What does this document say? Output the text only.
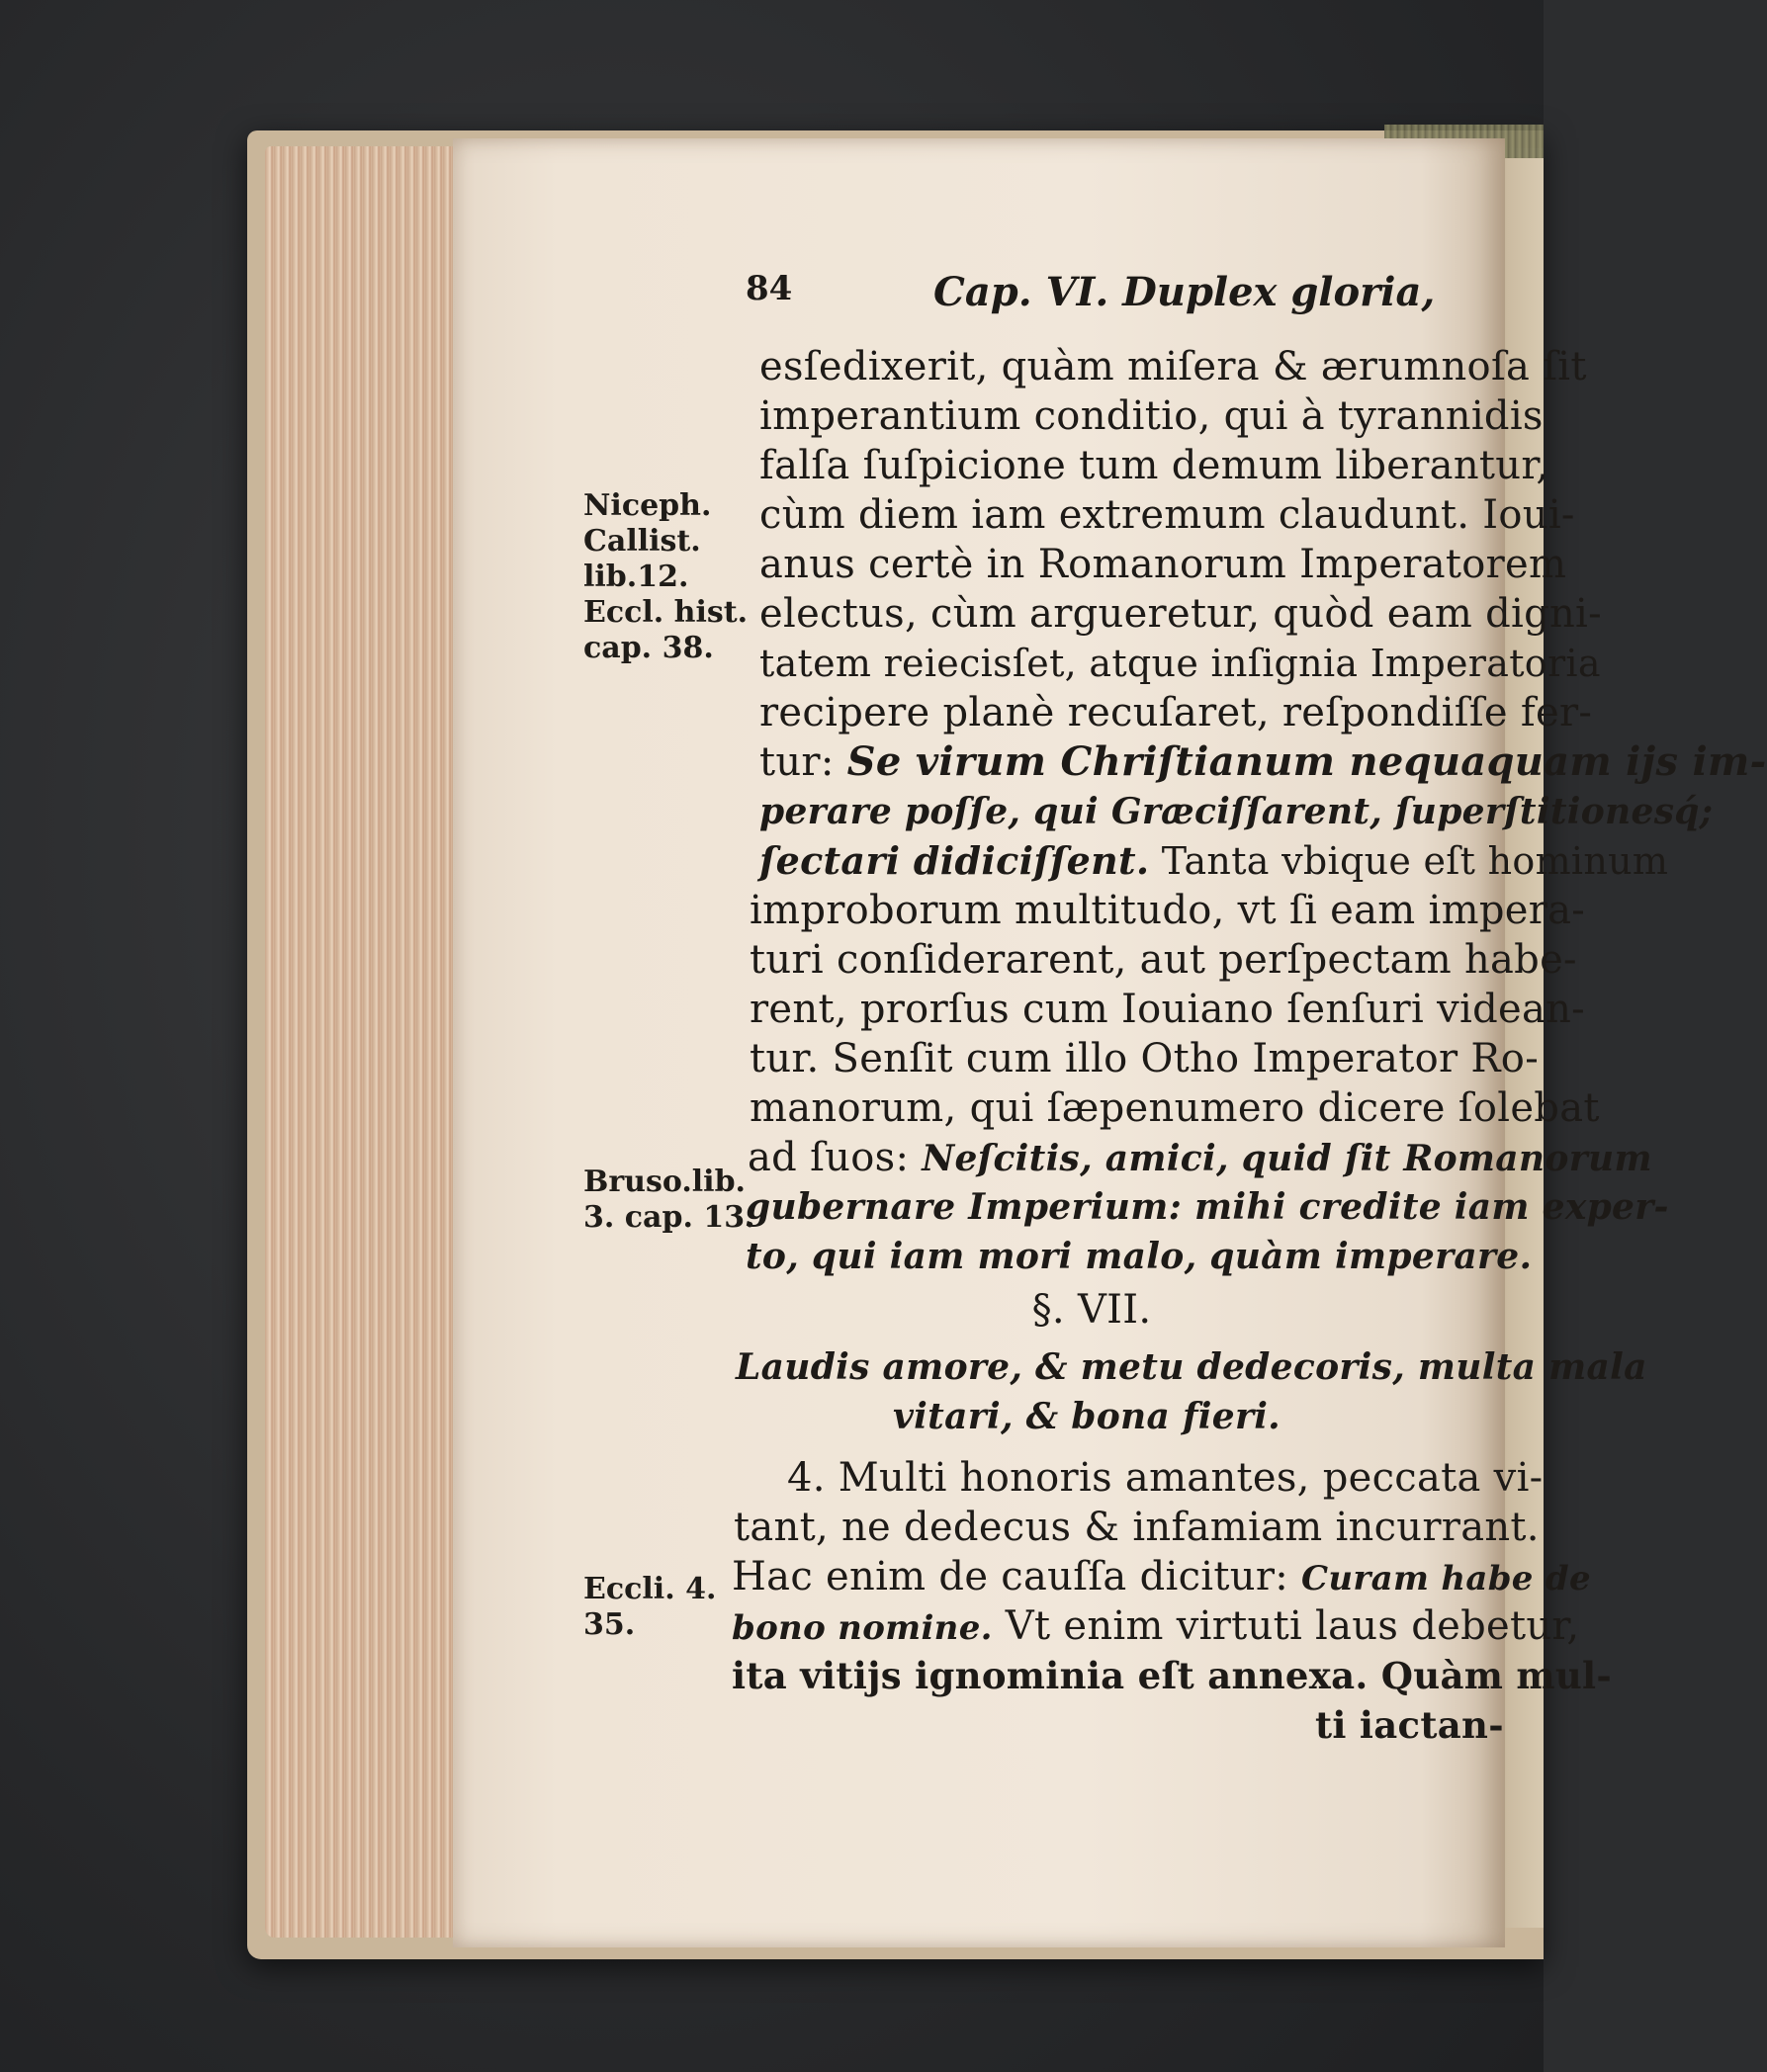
84	Cap. VI. Duplex gloria,
esſedixerit, quàm miſera & ærumnoſa ſit
imperantium conditio, qui à tyrannidis
falſa ſuſpicione tum demum liberantur,
cùm diem iam extremum claudunt. Ioui-
anus certè in Romanorum Imperatorem
electus, cùm argueretur, quòd eam digni-
tatem reiecisſet, atque inſignia Imperatoria
recipere planè recuſaret, reſpondiſſe fer-
tur: Se virum Chriſtianum nequaquam ijs im-
perare poſſe, qui Græciſſarent, ſuperſtitionesq́;
ſectari didiciſſent. Tanta vbique eſt hominum
improborum multitudo, vt ſi eam impera-
turi conſiderarent, aut perſpectam habe-
rent, prorſus cum Iouiano ſenſuri videan-
tur. Senſit cum illo Otho Imperator Ro-
manorum, qui ſæpenumero dicere ſolebat
ad ſuos: Neſcitis, amici, quid ſit Romanorum
gubernare Imperium: mihi credite iam exper-
to, qui iam mori malo, quàm imperare.
§. VII.
Laudis amore, & metu dedecoris, multa mala
vitari, & bona fieri.
4. Multi honoris amantes, peccata vi-
tant, ne dedecus & infamiam incurrant.
Hac enim de cauſſa dicitur: Curam habe de
bono nomine. Vt enim virtuti laus debetur,
ita vitijs ignominia eſt annexa. Quàm mul-
ti iactan-
Niceph.
Callist.
lib.12.
Eccl. hist.
cap. 38.
Bruso.lib.
3. cap. 13.
Eccli. 4.
35.
